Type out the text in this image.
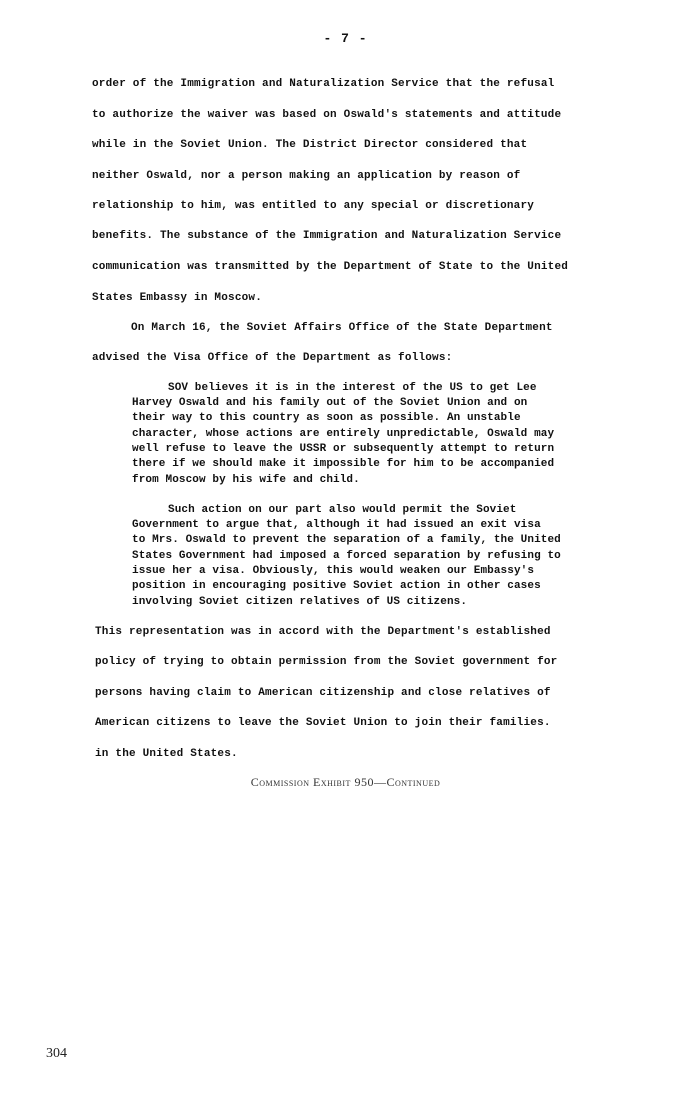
- 7 -
order of the Immigration and Naturalization Service that the refusal
to authorize the waiver was based on Oswald's statements and attitude
while in the Soviet Union. The District Director considered that
neither Oswald, nor a person making an application by reason of
relationship to him, was entitled to any special or discretionary
benefits. The substance of the Immigration and Naturalization Service
communication was transmitted by the Department of State to the United
States Embassy in Moscow.
On March 16, the Soviet Affairs Office of the State Department
advised the Visa Office of the Department as follows:
SOV believes it is in the interest of the US to get Lee
Harvey Oswald and his family out of the Soviet Union and on
their way to this country as soon as possible. An unstable
character, whose actions are entirely unpredictable, Oswald may
well refuse to leave the USSR or subsequently attempt to return
there if we should make it impossible for him to be accompanied
from Moscow by his wife and child.
Such action on our part also would permit the Soviet
Government to argue that, although it had issued an exit visa
to Mrs. Oswald to prevent the separation of a family, the United
States Government had imposed a forced separation by refusing to
issue her a visa. Obviously, this would weaken our Embassy's
position in encouraging positive Soviet action in other cases
involving Soviet citizen relatives of US citizens.
This representation was in accord with the Department's established
policy of trying to obtain permission from the Soviet government for
persons having claim to American citizenship and close relatives of
American citizens to leave the Soviet Union to join their families.
in the United States.
Commission Exhibit 950—Continued
304
